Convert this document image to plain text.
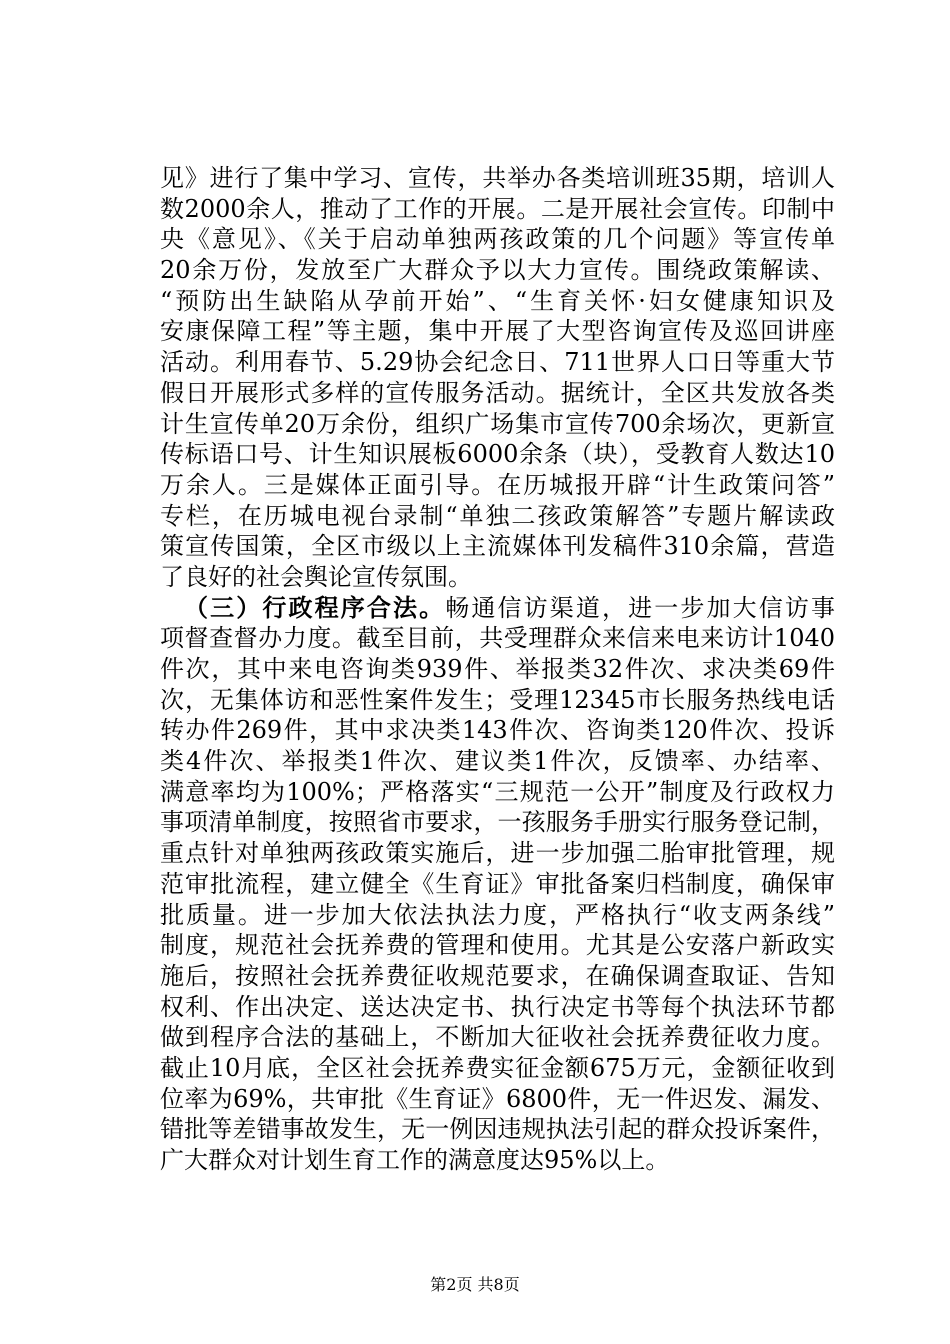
见》进行了集中学习、宣传，共举办各类培训班35期，培训人
数2000余人，推动了工作的开展。二是开展社会宣传。印制中
央《意见》、《关于启动单独两孩政策的几个问题》等宣传单
20余万份，发放至广大群众予以大力宣传。围绕政策解读、
“预防出生缺陷从孕前开始”、“生育关怀·妇女健康知识及
安康保障工程”等主题，集中开展了大型咨询宣传及巡回讲座
活动。利用春节、5.29协会纪念日、711世界人口日等重大节
假日开展形式多样的宣传服务活动。据统计，全区共发放各类
计生宣传单20万余份，组织广场集市宣传700余场次，更新宣
传标语口号、计生知识展板6000余条（块），受教育人数达10
万余人。三是媒体正面引导。在历城报开辟“计生政策问答”
专栏，在历城电视台录制“单独二孩政策解答”专题片解读政
策宣传国策，全区市级以上主流媒体刊发稿件310余篇，营造
了良好的社会舆论宣传氛围。
（三）行政程序合法。畅通信访渠道，进一步加大信访事
项督查督办力度。截至目前，共受理群众来信来电来访计1040
件次，其中来电咨询类939件、举报类32件次、求决类69件
次，无集体访和恶性案件发生；受理12345市长服务热线电话
转办件269件，其中求决类143件次、咨询类120件次、投诉
类4件次、举报类1件次、建议类1件次，反馈率、办结率、
满意率均为100%；严格落实“三规范一公开”制度及行政权力
事项清单制度，按照省市要求，一孩服务手册实行服务登记制，
重点针对单独两孩政策实施后，进一步加强二胎审批管理，规
范审批流程，建立健全《生育证》审批备案归档制度，确保审
批质量。进一步加大依法执法力度，严格执行“收支两条线”
制度，规范社会抚养费的管理和使用。尤其是公安落户新政实
施后，按照社会抚养费征收规范要求，在确保调查取证、告知
权利、作出决定、送达决定书、执行决定书等每个执法环节都
做到程序合法的基础上，不断加大征收社会抚养费征收力度。
截止10月底，全区社会抚养费实征金额675万元，金额征收到
位率为69%，共审批《生育证》6800件，无一件迟发、漏发、
错批等差错事故发生，无一例因违规执法引起的群众投诉案件，
广大群众对计划生育工作的满意度达95%以上。
第2页 共8页
